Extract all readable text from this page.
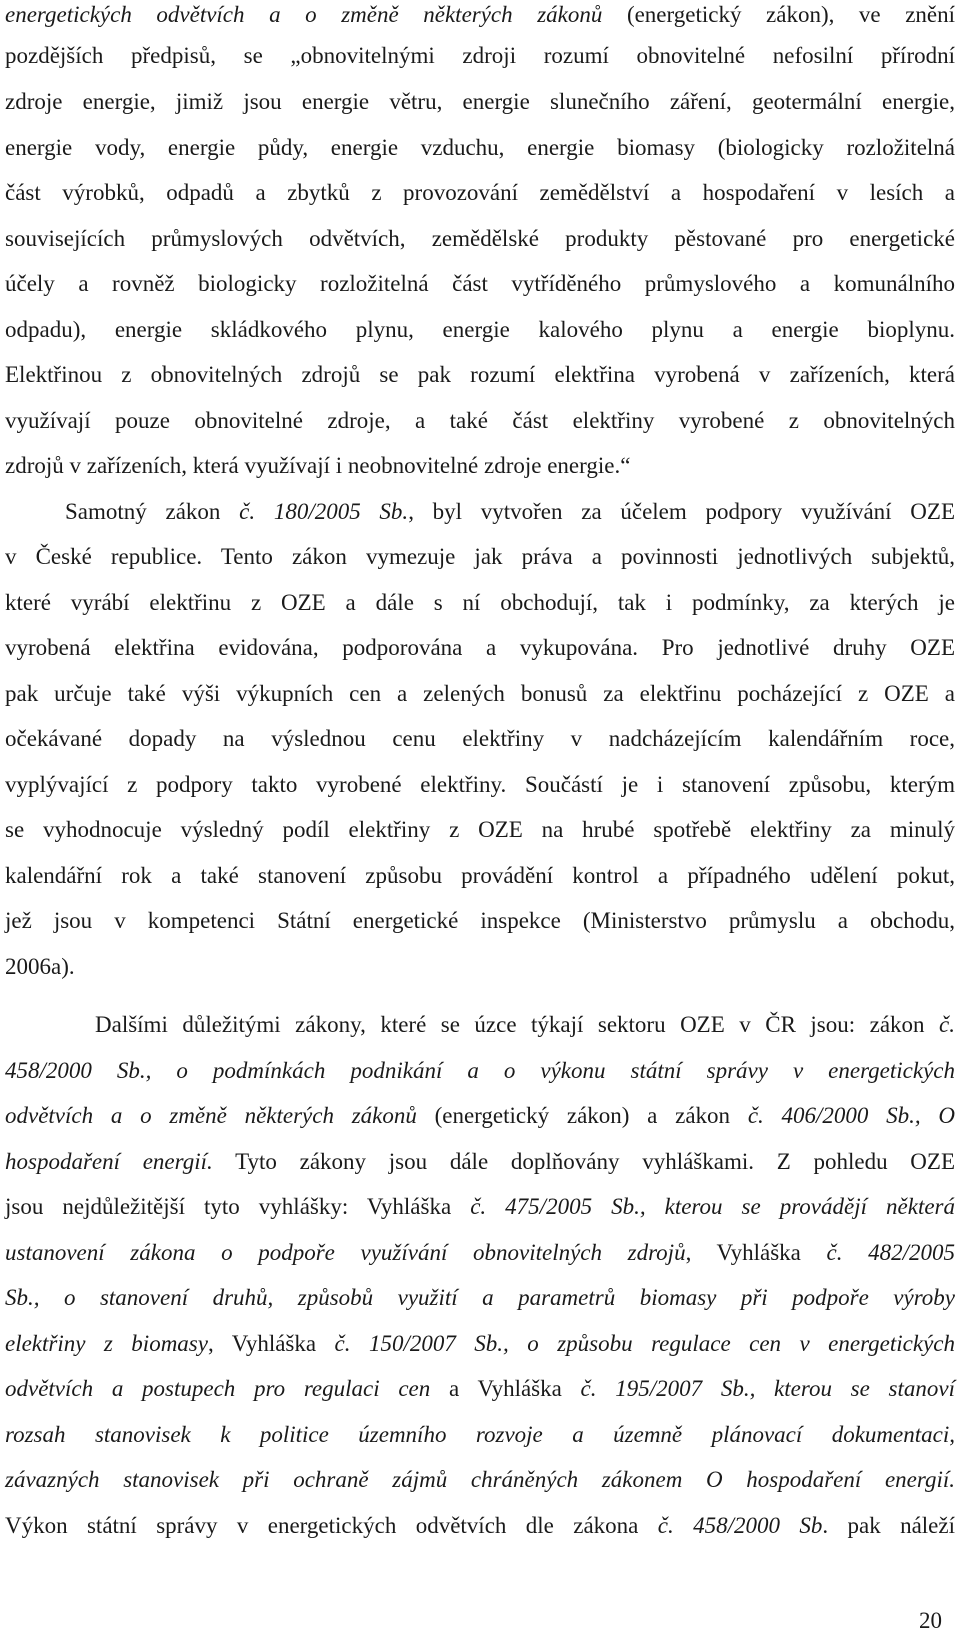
energetických odvětvích a o změně některých zákonů (energetický zákon), ve znění
pozdějších předpisů, se „obnovitelnými zdroji rozumí obnovitelné nefosilní přírodní
zdroje energie, jimiž jsou energie větru, energie slunečního záření, geotermální energie,
energie vody, energie půdy, energie vzduchu, energie biomasy (biologicky rozložitelná
část výrobků, odpadů a zbytků z provozování zemědělství a hospodaření v lesích a
souvisejících průmyslových odvětvích, zemědělské produkty pěstované pro energetické
účely a rovněž biologicky rozložitelná část vytříděného průmyslového a komunálního
odpadu), energie skládkového plynu, energie kalového plynu a energie bioplynu.
Elektřinou z obnovitelných zdrojů se pak rozumí elektřina vyrobená v zařízeních, která
využívají pouze obnovitelné zdroje, a také část elektřiny vyrobené z obnovitelných
zdrojů v zařízeních, která využívají i neobnovitelné zdroje energie.“
Samotný zákon č. 180/2005 Sb., byl vytvořen za účelem podpory využívání OZE
v České republice. Tento zákon vymezuje jak práva a povinnosti jednotlivých subjektů,
které vyrábí elektřinu z OZE a dále s ní obchodují, tak i podmínky, za kterých je
vyrobená elektřina evidována, podporována a vykupována. Pro jednotlivé druhy OZE
pak určuje také výši výkupních cen a zelených bonusů za elektřinu pocházející z OZE a
očekávané dopady na výslednou cenu elektřiny v nadcházejícím kalendářním roce,
vyplývající z podpory takto vyrobené elektřiny. Součástí je i stanovení způsobu, kterým
se vyhodnocuje výsledný podíl elektřiny z OZE na hrubé spotřebě elektřiny za minulý
kalendářní rok a také stanovení způsobu provádění kontrol a případného udělení pokut,
jež jsou v kompetenci Státní energetické inspekce (Ministerstvo průmyslu a obchodu,
2006a).
Dalšími důležitými zákony, které se úzce týkají sektoru OZE v ČR jsou: zákon č.
458/2000 Sb., o podmínkách podnikání a o výkonu státní správy v energetických
odvětvích a o změně některých zákonů (energetický zákon) a zákon č. 406/2000 Sb., O
hospodaření energií. Tyto zákony jsou dále doplňovány vyhláškami. Z pohledu OZE
jsou nejdůležitější tyto vyhlášky: Vyhláška č. 475/2005 Sb., kterou se provádějí některá
ustanovení zákona o podpoře využívání obnovitelných zdrojů, Vyhláška č. 482/2005
Sb., o stanovení druhů, způsobů využití a parametrů biomasy při podpoře výroby
elektřiny z biomasy, Vyhláška č. 150/2007 Sb., o způsobu regulace cen v energetických
odvětvích a postupech pro regulaci cen a Vyhláška č. 195/2007 Sb., kterou se stanoví
rozsah stanovisek k politice územního rozvoje a územně plánovací dokumentaci,
závazných stanovisek při ochraně zájmů chráněných zákonem O hospodaření energií.
Výkon státní správy v energetických odvětvích dle zákona č. 458/2000 Sb. pak náleží
20
